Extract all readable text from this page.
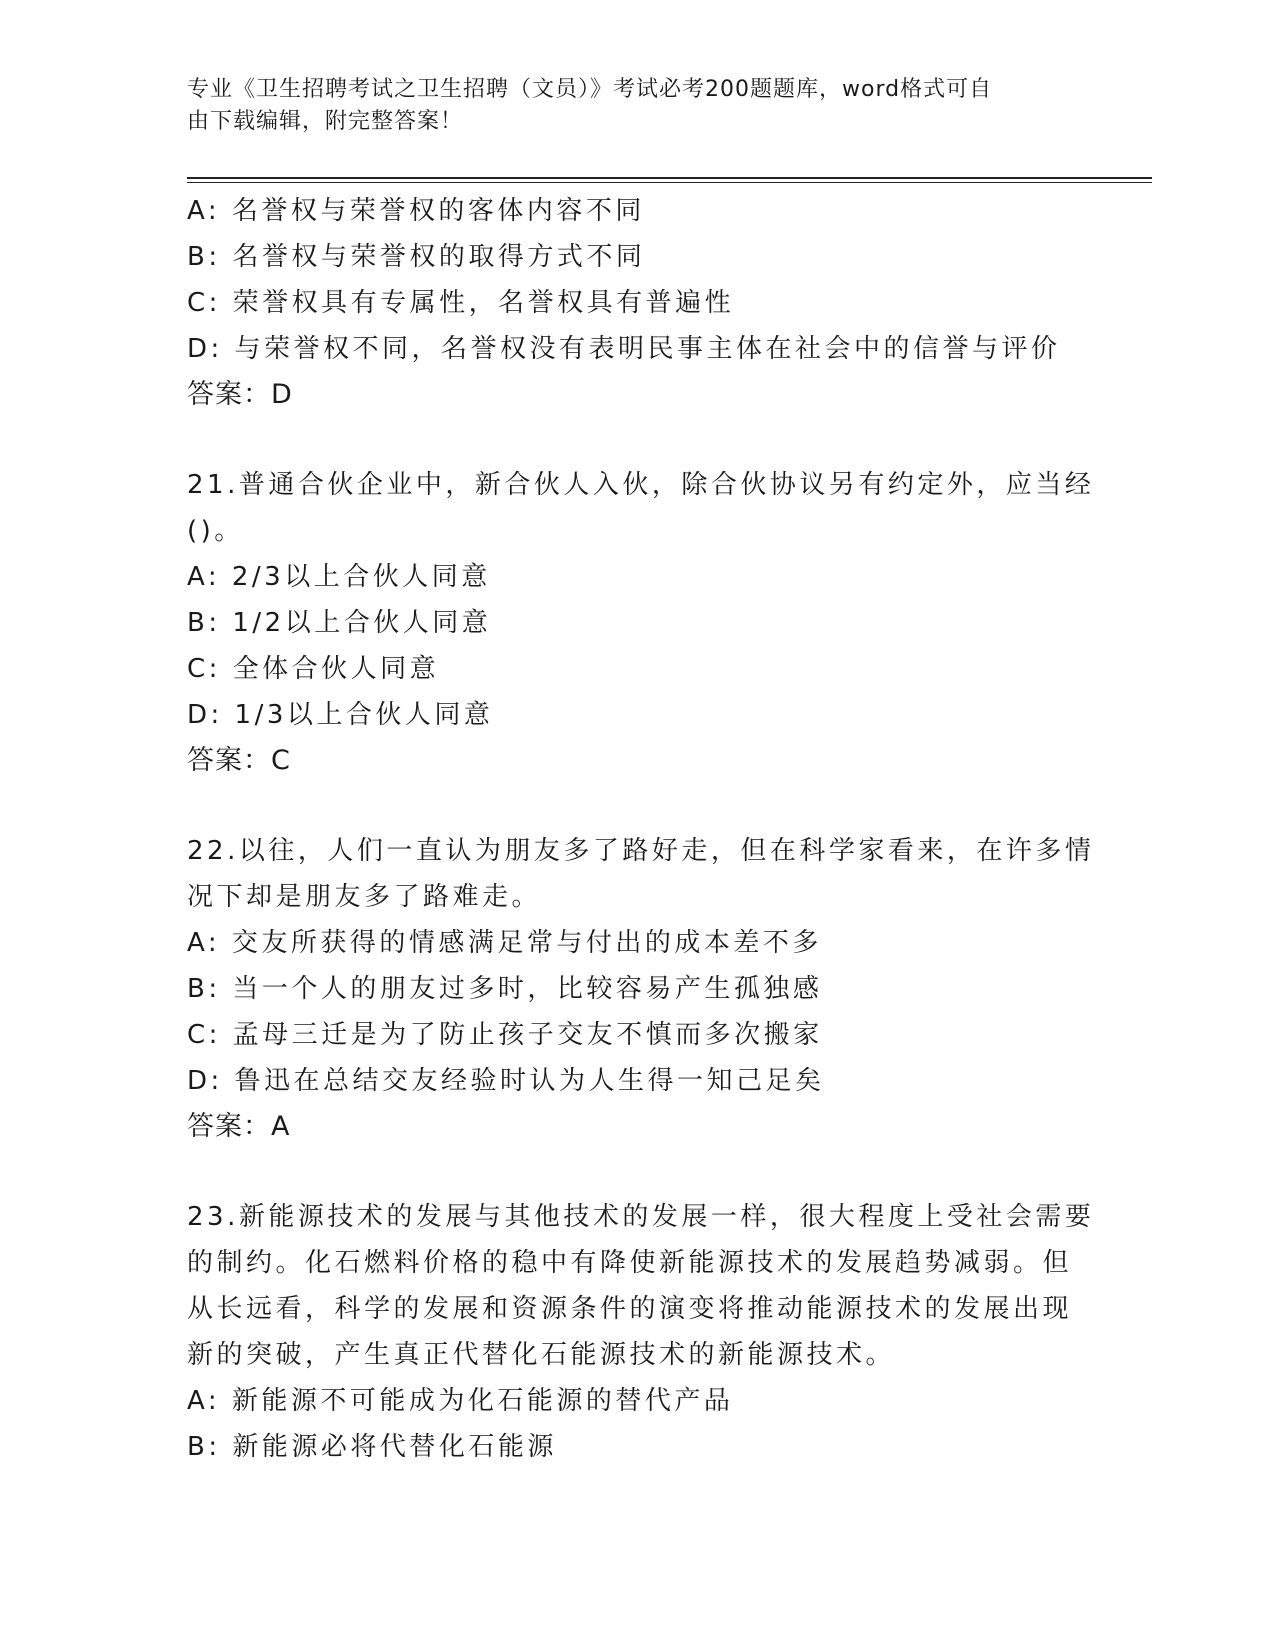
专业《卫生招聘考试之卫生招聘（文员）》考试必考200题题库，word格式可自
由下载编辑，附完整答案！
A: 名誉权与荣誉权的客体内容不同
B: 名誉权与荣誉权的取得方式不同
C: 荣誉权具有专属性，名誉权具有普遍性
D: 与荣誉权不同，名誉权没有表明民事主体在社会中的信誉与评价
答案：D
21.普通合伙企业中，新合伙人入伙，除合伙协议另有约定外，应当经
()。
A: 2/3以上合伙人同意
B: 1/2以上合伙人同意
C: 全体合伙人同意
D: 1/3以上合伙人同意
答案：C
22.以往，人们一直认为朋友多了路好走，但在科学家看来，在许多情
况下却是朋友多了路难走。
A: 交友所获得的情感满足常与付出的成本差不多
B: 当一个人的朋友过多时，比较容易产生孤独感
C: 孟母三迁是为了防止孩子交友不慎而多次搬家
D: 鲁迅在总结交友经验时认为人生得一知己足矣
答案：A
23.新能源技术的发展与其他技术的发展一样，很大程度上受社会需要
的制约。化石燃料价格的稳中有降使新能源技术的发展趋势减弱。但
从长远看，科学的发展和资源条件的演变将推动能源技术的发展出现
新的突破，产生真正代替化石能源技术的新能源技术。
A: 新能源不可能成为化石能源的替代产品
B: 新能源必将代替化石能源
